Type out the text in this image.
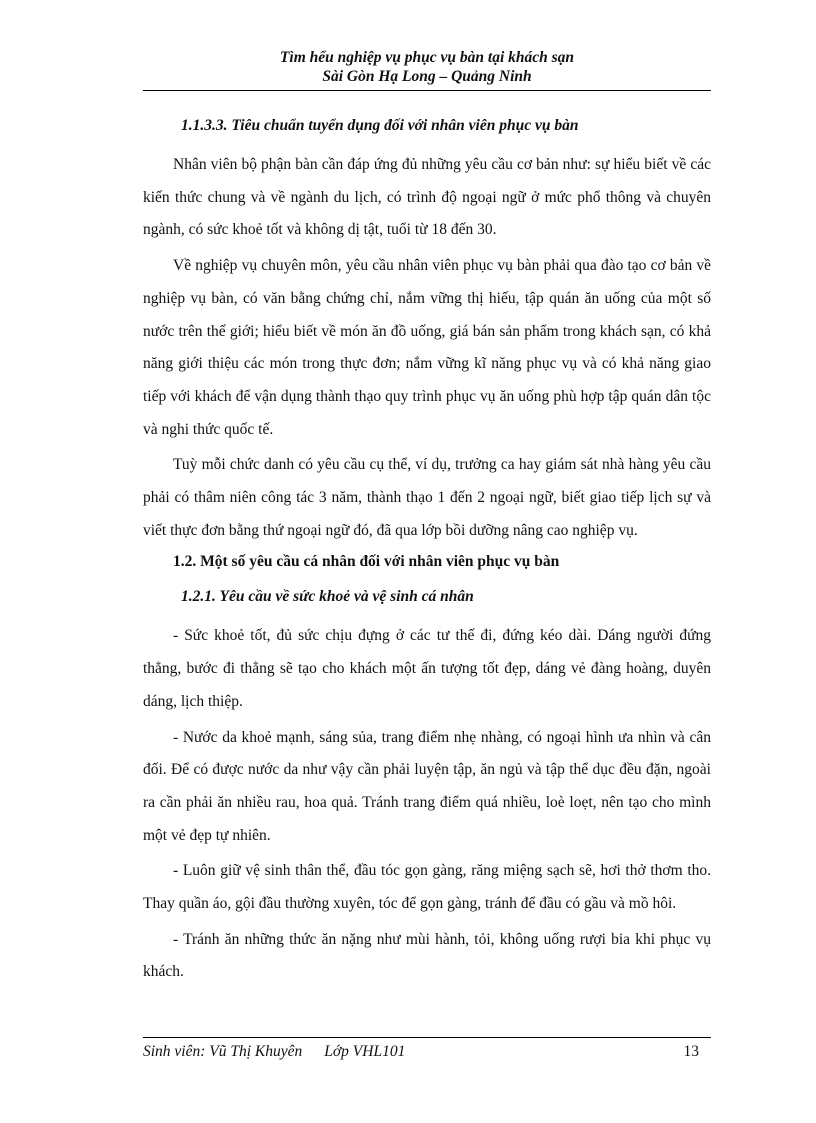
Tìm hểu nghiệp vụ phục vụ bàn tại khách sạn
Sài Gòn Hạ Long – Quảng Ninh
1.1.3.3. Tiêu chuẩn tuyển dụng đối với nhân viên phục vụ bàn

Nhân viên bộ phận bàn cần đáp ứng đủ những yêu cầu cơ bản như: sự hiểu biết về các kiến thức chung và về ngành du lịch, có trình độ ngoại ngữ ở mức phổ thông và chuyên ngành, có sức khoẻ tốt và không dị tật, tuổi từ 18 đến 30.

Về nghiệp vụ chuyên môn, yêu cầu nhân viên phục vụ bàn phải qua đào tạo cơ bản về nghiệp vụ bàn, có văn bằng chứng chỉ, nắm vững thị hiếu, tập quán ăn uống của một số nước trên thế giới; hiểu biết về món ăn đồ uống, giá bán sản phẩm trong khách sạn, có khả năng giới thiệu các món trong thực đơn; nắm vững kĩ năng phục vụ và có khả năng giao tiếp với khách để vận dụng thành thạo quy trình phục vụ ăn uống phù hợp tập quán dân tộc và nghi thức quốc tế.

Tuỳ mỗi chức danh có yêu cầu cụ thể, ví dụ, trưởng ca hay giám sát nhà hàng yêu cầu phải có thâm niên công tác 3 năm, thành thạo 1 đến 2 ngoại ngữ, biết giao tiếp lịch sự và viết thực đơn bằng thứ ngoại ngữ đó, đã qua lớp bồi dưỡng nâng cao nghiệp vụ.

1.2. Một số yêu cầu cá nhân đối với nhân viên phục vụ bàn
1.2.1. Yêu cầu về sức khoẻ và vệ sinh cá nhân

- Sức khoẻ tốt, đủ sức chịu đựng ở các tư thế đi, đứng kéo dài. Dáng người đứng thẳng, bước đi thẳng sẽ tạo cho khách một ấn tượng tốt đẹp, dáng vẻ đàng hoàng, duyên dáng, lịch thiệp.

- Nước da khoẻ mạnh, sáng sủa, trang điểm nhẹ nhàng, có ngoại hình ưa nhìn và cân đối. Để có được nước da như vậy cần phải luyện tập, ăn ngủ và tập thể dục đều đặn, ngoài ra cần phải ăn nhiều rau, hoa quả. Tránh trang điểm quá nhiều, loè loẹt, nên tạo cho mình một vẻ đẹp tự nhiên.

- Luôn giữ vệ sinh thân thể, đầu tóc gọn gàng, răng miệng sạch sẽ, hơi thở thơm tho. Thay quần áo, gội đầu thường xuyên, tóc để gọn gàng, tránh để đầu có gầu và mồ hôi.

- Tránh ăn những thức ăn nặng như mùi hành, tỏi, không uống rượi bia khi phục vụ khách.

Sinh viên: Vũ Thị Khuyên Lớp VHL101	13
